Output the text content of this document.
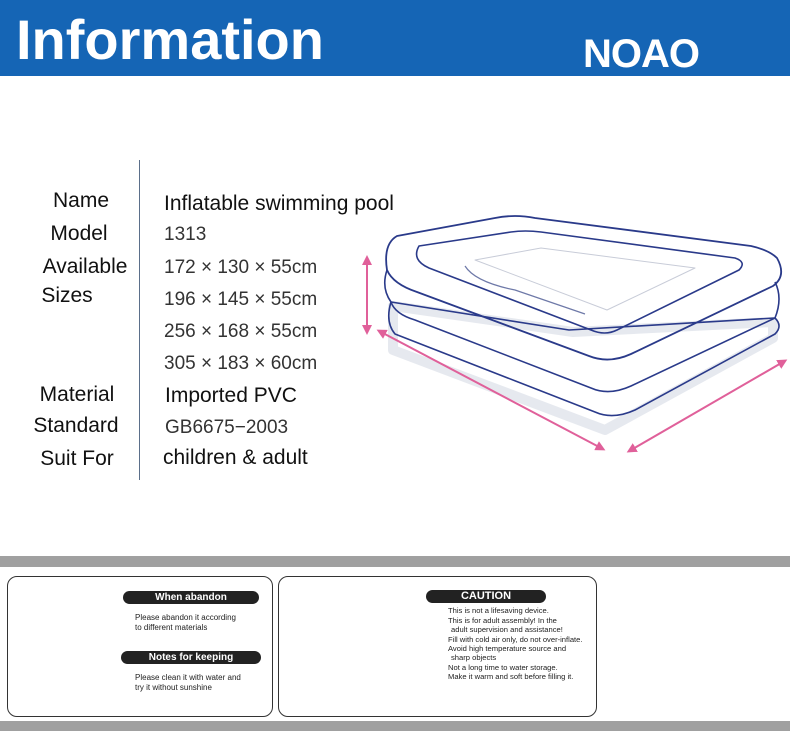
Information	NOAO
Name
Model
Available
Sizes
Material
Standard
Suit For
Inflatable swimming pool
1313
172 × 130 × 55cm
196 × 145 × 55cm
256 × 168 × 55cm
305 × 183 × 60cm
Imported PVC
GB6675−2003
children & adult
When abandon
Please abandon it according
to different materials
Notes for keeping
Please clean it with water and
try it without sunshine
CAUTION
This is not a lifesaving device.
This is for adult assembly! In the
adult supervision and assistance!
Fill with cold air only, do not over-inflate.
Avoid high temperature source and
sharp objects
Not a long time to water storage.
Make it warm and soft before filling it.
